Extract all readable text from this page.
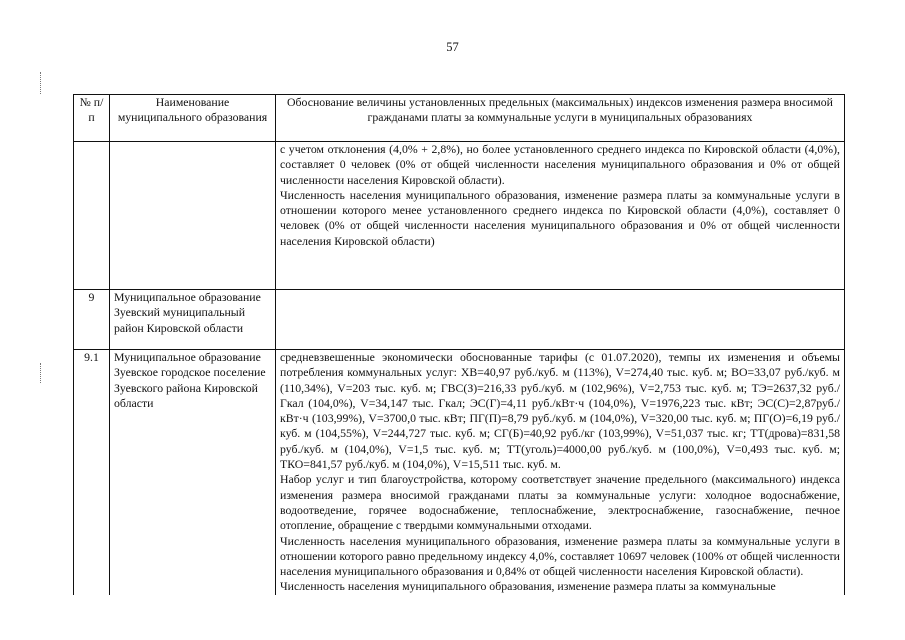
57
№ п/п	Наименование муниципального образования	Обоснование величины установленных предельных (максимальных) индексов изменения размера вносимой гражданами платы за коммунальные услуги в муниципальных образованиях

		с учетом отклонения (4,0% + 2,8%), но более установленного среднего индекса по Кировской области (4,0%), составляет 0 человек (0% от общей численности населения муниципального образования и 0% от общей численности населения Кировской области).

Численность населения муниципального образования, изменение размера платы за коммунальные услуги в отношении которого менее установленного среднего индекса по Кировской области (4,0%), составляет 0 человек (0% от общей численности населения муниципального образования и 0% от общей численности населения Кировской области)

9	Муниципальное образование Зуевский муниципальный район Кировской области	
9.1	Муниципальное образование Зуевское городское поселение Зуевского района Кировской области	средневзвешенные экономически обоснованные тарифы (с 01.07.2020), темпы их изменения и объемы потребления коммунальных услуг: ХВ=40,97 руб./куб. м (113%), V=274,40 тыс. куб. м; ВО=33,07 руб./куб. м (110,34%), V=203 тыс. куб. м; ГВС(З)=216,33 руб./куб. м (102,96%), V=2,753 тыс. куб. м; ТЭ=2637,32 руб./Гкал (104,0%), V=34,147 тыс. Гкал; ЭС(Г)=4,11 руб./кВт·ч (104,0%), V=1976,223 тыс. кВт; ЭС(С)=2,87руб./кВт·ч (103,99%), V=3700,0 тыс. кВт; ПГ(П)=8,79 руб./куб. м (104,0%), V=320,00 тыс. куб. м; ПГ(О)=6,19 руб./куб. м (104,55%), V=244,727 тыс. куб. м; СГ(Б)=40,92 руб./кг (103,99%), V=51,037 тыс. кг; ТТ(дрова)=831,58 руб./куб. м (104,0%), V=1,5 тыс. куб. м; ТТ(уголь)=4000,00 руб./куб. м (100,0%), V=0,493 тыс. куб. м; ТКО=841,57 руб./куб. м (104,0%), V=15,511 тыс. куб. м.

Набор услуг и тип благоустройства, которому соответствует значение предельного (максимального) индекса изменения размера вносимой гражданами платы за коммунальные услуги: холодное водоснабжение, водоотведение, горячее водоснабжение, теплоснабжение, электроснабжение, газоснабжение, печное отопление, обращение с твердыми коммунальными отходами.

Численность населения муниципального образования, изменение размера платы за коммунальные услуги в отношении которого равно предельному индексу 4,0%, составляет 10697 человек (100% от общей численности населения муниципального образования и 0,84% от общей численности населения Кировской области).

Численность населения муниципального образования, изменение размера платы за коммунальные
